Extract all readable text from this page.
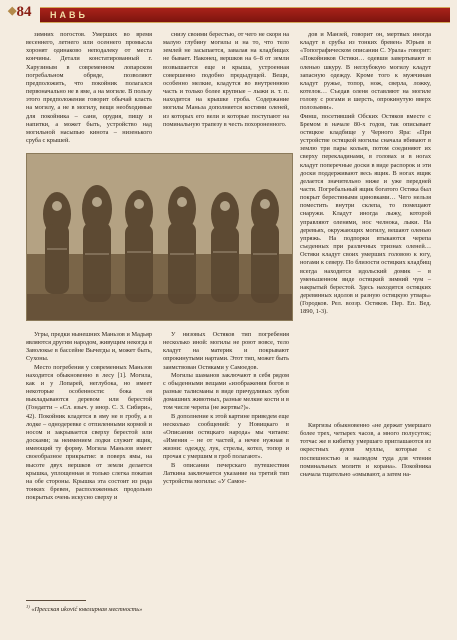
◆84 НАВЬ

зимних погостов. Умерших во время весеннего, летнего или осеннего промысла хоронят одинаково неподалеку от места кончины. Детали констатированный г. Харузиным в современном лопарском погребальном обряде, позволяют предположить, что покойник полагался первоначально не в яме, а на могиле. В пользу этого предположения говорит обычай класть на могилу, а не в могилу, вещи необходимые для покойника – сани, орудия, пищу и напитки, а может быть, устройство над могильной насыпью кинота – низенького сруба с крышей.

снизу своими берестью, от чего не скоря на малую глубину могилы и на то, что тело землей не засыпается, завалая на кладбищах не бывает. Наконец, вершков на 6–8 от земли возвышается еще и крыша, устроенная совершенно подобно предыдущей. Вещи, особенно мелкие, кладутся во внутреннюю часть и только более крупные – лыжи и. т. п. находится на крышке гроба. Содержание могилы Маньза дополняется костями оленей, из которых его вели и которые поступают на поминальную трапезу в честь похороненного.

дов и Манзей, говорит он, мертвых иногда кладут в срубы из тонких бревен» Юрьев в «Топографическом описании С. Урала» говорит: «Покойников Остяки… одевши завертывают в оленью шкуру. В неглубокую могилу кладут запасную одежду. Кроме того к мужчинам кладут ружье, топор, нож, сверла, ложку, котелок… Съедав оленя оставляют на могиле голову с рогами и шерсть, опрокинутую вверх полозьями».
Финш, посетивший Обских Остяков вместе с Бремом в начале 80-х годов, так описывает остяцкое кладбище у Черного Яра: «При устройстве остяцкой могилы сначала вбивают в землю три пары кольев, потом соединяют их сверху перекладинами, в головах и в ногах кладут поперечные доски в виде распорок и эти доски поддерживают весь ящик. В ногах ящик делается значительно ниже и уже передней части. Погребальный ящик богатого Остяка был покрыт берестяными циновками… Чего нельзя поместить внутри склепа, то помещают снаружи. Кладут иногда лыжу, которой управляют оленями, нос челнока, лыки. На деревьях, окружающих могилу, вешают оленью упряжь. На подпорки втыкаются черепа съеденных при различных тризнах оленей… Остяки кладут своих умерших головою к югу, ногами к северу. По близости остяцких кладбищ всегда находится идольский домик – в уменьшенном виде остяцкий зимний чум – накрытый берестой. Здесь находятся остяцких деревянных идолов и разную остяцкую утварь» (Городков. Рел. воззр. Остяков. Пер. Еп. Вед. 1890, 1-3).

Угры, предки нынешних Маньзов и Мадьяр являются другим народом, живущим некогда в Заволокье в бассейне Вычегды и, может быть, Сухоны.

Место погребения у современных Маньзов находится обыкновенно в лесу [1]. Могила, как и у Лопарей, неглубока, но имеет некоторые особенности: бока ея выкладываются деревом или берестой (Гондатти – «Сл. языч. у инор. С. З. Сибири», 42). Покойник кладется в яму не в гробу, а в лодке – однодеревке с отпиленными кормой и носом и закрывается сверху берестой или досками; за неимением лодки служит ящик, имеющий ту форму. Могила Маньзов имеет своеобразное прикрытие: в поверх ямы, на высоте двух вершков от земли делается крышка, уплощенная и только слегка покатая на обе стороны. Крышка эта состоит из ряда тонких бревен, расположенных продольно покрытых очень искусно сверху и

У низовых Остяков тип погребения несколько иной: могилы не роют вовсе, тело кладут на материк и покрывают опрокинутыми нартами. Этот тип, может быть заимствован Остяками у Самоедов.

Могилы шаманов заключают в себя рядом с обыденными вещами «изображения богов в разные талисманы в виде причудливых зубов домашних животных, разные мелкие кости и в том числе черепа (не жертвы?)».

В дополнение к этой картине приведем еще несколько сообщений: у Новицкаго в «Описании остяцкаго народа» мы читаем: «Имения – не от частей, а нечее нужная в жизни: одежду, лук, стрелы, котел, топор и прочая с умершим в гроб полагают».

В описании печерскаго путешествия Латкина заключается указание на третий тип устройства могилы: «У Самое-

Киргизы обыкновенно «не держат умершаго более трех, четырех часов, а много полусуток; тотчас же в кибитку умершаго приглашаются из окрестных аулов муллы, которые с поспешностью и налюдом туда для чтения поминальных молитв и корана». Покойника сначала тщательно «омывают, а затем на-

$^{1)}$ «Пресская иković ювелирная местность»
